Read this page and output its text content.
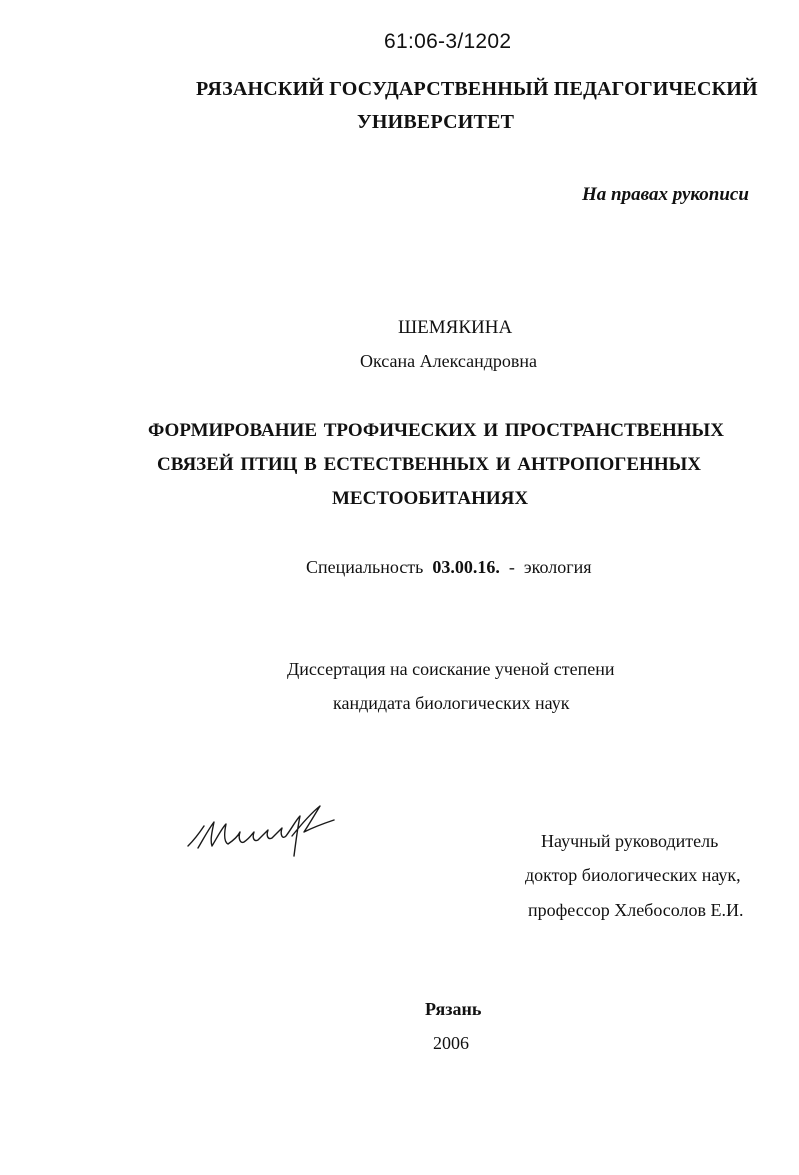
61:06-3/1202
РЯЗАНСКИЙ ГОСУДАРСТВЕННЫЙ ПЕДАГОГИЧЕСКИЙ
УНИВЕРСИТЕТ
На правах рукописи
ШЕМЯКИНА
Оксана Александровна
ФОРМИРОВАНИЕ ТРОФИЧЕСКИХ И ПРОСТРАНСТВЕННЫХ
СВЯЗЕЙ ПТИЦ В ЕСТЕСТВЕННЫХ И АНТРОПОГЕННЫХ
МЕСТООБИТАНИЯХ
Специальность 03.00.16. - экология
Диссертация на соискание ученой степени
кандидата биологических наук
Научный руководитель
доктор биологических наук,
профессор Хлебосолов Е.И.
Рязань
2006
